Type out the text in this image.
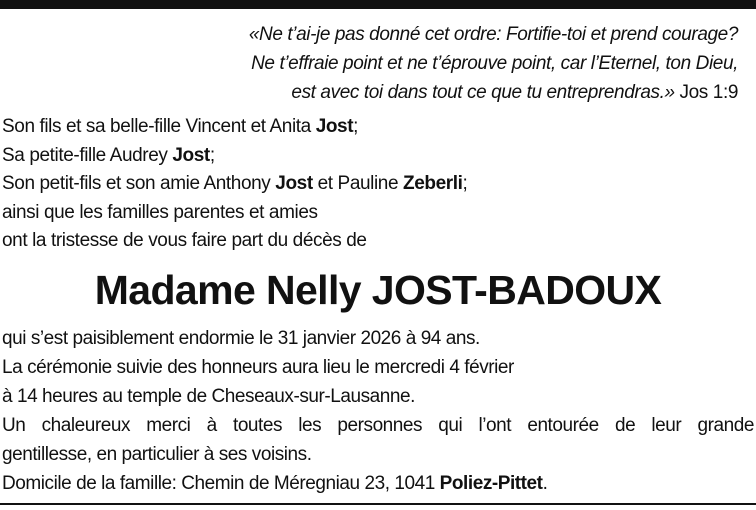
«Ne t’ai-je pas donné cet ordre: Fortifie-toi et prend courage?
Ne t’effraie point et ne t’éprouve point, car l’Eternel, ton Dieu,
est avec toi dans tout ce que tu entreprendras.» Jos 1:9
Son fils et sa belle-fille Vincent et Anita Jost;
Sa petite-fille Audrey Jost;
Son petit-fils et son amie Anthony Jost et Pauline Zeberli;
ainsi que les familles parentes et amies
ont la tristesse de vous faire part du décès de
Madame Nelly JOST-BADOUX
qui s’est paisiblement endormie le 31 janvier 2026 à 94 ans.
La cérémonie suivie des honneurs aura lieu le mercredi 4 février
à 14 heures au temple de Cheseaux-sur-Lausanne.
Un chaleureux merci à toutes les personnes qui l’ont entourée de leur grande
gentillesse, en particulier à ses voisins.
Domicile de la famille: Chemin de Méregniau 23, 1041 Poliez-Pittet.
